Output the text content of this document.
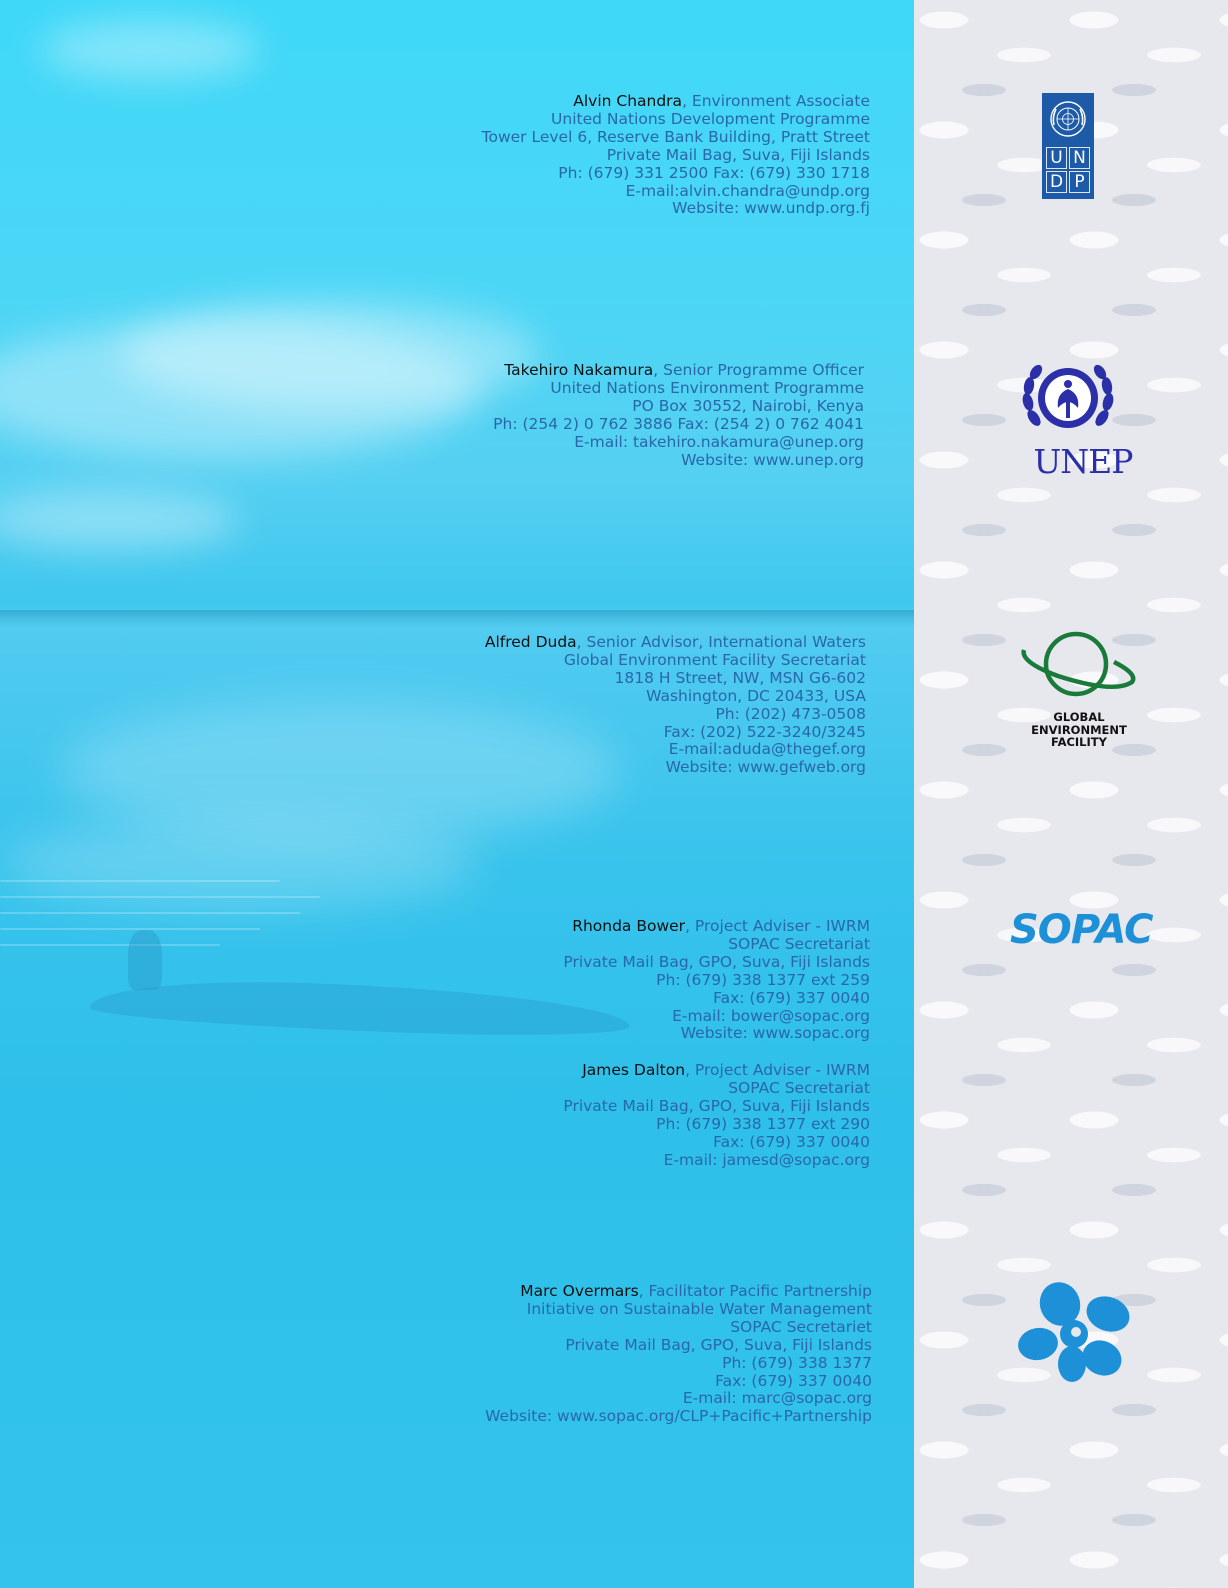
Alvin Chandra, Environment Associate
United Nations Development Programme
Tower Level 6, Reserve Bank Building, Pratt Street
Private Mail Bag, Suva, Fiji Islands
Ph: (679) 331 2500 Fax: (679) 330 1718
E-mail:alvin.chandra@undp.org
Website: www.undp.org.fj
Takehiro Nakamura, Senior Programme Officer
United Nations Environment Programme
PO Box 30552, Nairobi, Kenya
Ph: (254 2) 0 762 3886 Fax: (254 2) 0 762 4041
E-mail: takehiro.nakamura@unep.org
Website: www.unep.org
Alfred Duda, Senior Advisor, International Waters
Global Environment Facility Secretariat
1818 H Street, NW, MSN G6-602
Washington, DC 20433, USA
Ph: (202) 473-0508
Fax: (202) 522-3240/3245
E-mail:aduda@thegef.org
Website: www.gefweb.org
Rhonda Bower, Project Adviser - IWRM
SOPAC Secretariat
Private Mail Bag, GPO, Suva, Fiji Islands
Ph: (679) 338 1377 ext 259
Fax: (679) 337 0040
E-mail: bower@sopac.org
Website: www.sopac.org
James Dalton, Project Adviser - IWRM
SOPAC Secretariat
Private Mail Bag, GPO, Suva, Fiji Islands
Ph: (679) 338 1377 ext 290
Fax: (679) 337 0040
E-mail: jamesd@sopac.org
Marc Overmars, Facilitator Pacific Partnership
Initiative on Sustainable Water Management
SOPAC Secretariet
Private Mail Bag, GPO, Suva, Fiji Islands
Ph: (679) 338 1377
Fax: (679) 337 0040
E-mail: marc@sopac.org
Website: www.sopac.org/CLP+Pacific+Partnership
U N
D P
UNEP
GLOBAL
ENVIRONMENT
FACILITY
SOPAC
